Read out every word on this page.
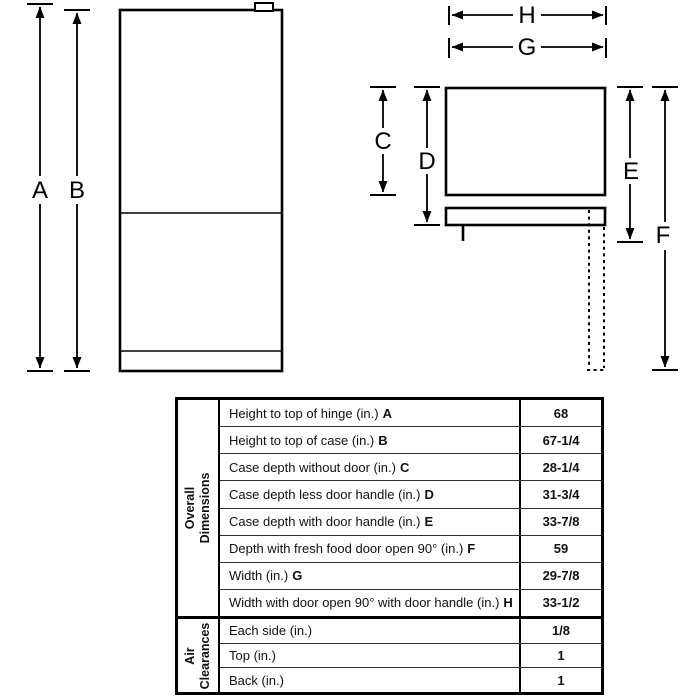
A B
H
G
C
D	E
F
Overall Dimensions
Height to top of hinge (in.) A	68
Height to top of case (in.) B	67-1/4
Case depth without door (in.) C	28-1/4
Case depth less door handle (in.) D	31-3/4
Case depth with door handle (in.) E	33-7/8
Depth with fresh food door open 90° (in.) F	59
Width (in.) G	29-7/8
Width with door open 90° with door handle (in.) H	33-1/2
Air Clearances Each side (in.)	1/8
Top (in.)	1
Back (in.)	1
